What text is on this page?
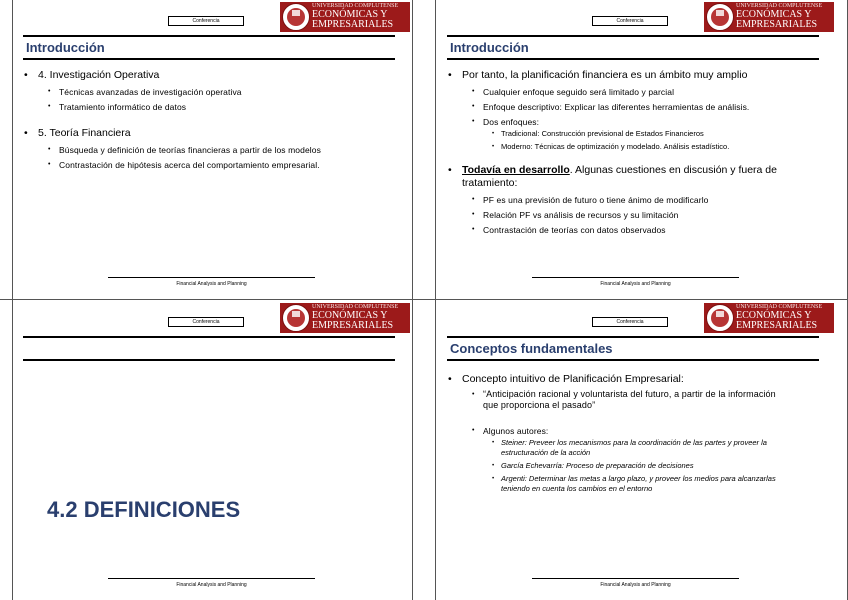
Conferencia
UNIVERSIDAD COMPLUTENSE
ECONÓMICAS Y
EMPRESARIALES
Introducción
• 4. Investigación Operativa
• Técnicas avanzadas de investigación operativa
• Tratamiento informático de datos
• 5. Teoría Financiera
• Búsqueda y definición de teorías financieras a partir de los modelos
• Contrastación de hipótesis acerca del comportamiento empresarial.
Financial Analysis and Planning
Conferencia
UNIVERSIDAD COMPLUTENSE
ECONÓMICAS Y
EMPRESARIALES
Introducción
• Por tanto, la planificación financiera es un ámbito muy amplio
• Cualquier enfoque seguido será limitado y parcial
• Enfoque descriptivo: Explicar las diferentes herramientas de análisis.
• Dos enfoques:
• Tradicional: Construcción previsional de Estados Financieros
• Moderno: Técnicas de optimización y modelado. Análisis estadístico.
• Todavía en desarrollo. Algunas cuestiones en discusión y fuera de tratamiento:
• PF es una previsión de futuro o tiene ánimo de modificarlo
• Relación PF vs análisis de recursos y su limitación
• Contrastación de teorías con datos observados
Financial Analysis and Planning
Conferencia
UNIVERSIDAD COMPLUTENSE
ECONÓMICAS Y
EMPRESARIALES
4.2 DEFINICIONES
Financial Analysis and Planning
Conferencia
UNIVERSIDAD COMPLUTENSE
ECONÓMICAS Y
EMPRESARIALES
Conceptos fundamentales
• Concepto intuitivo de Planificación Empresarial:
• “Anticipación racional y voluntarista del futuro, a partir de la información que proporciona el pasado”
• Algunos autores:
• Steiner: Preveer los mecanismos para la coordinación de las partes y proveer la estructuración de la acción
• García Echevarría: Proceso de preparación de decisiones
• Argenti: Determinar las metas a largo plazo, y proveer los medios para alcanzarlas teniendo en cuenta los cambios en el entorno
Financial Analysis and Planning
